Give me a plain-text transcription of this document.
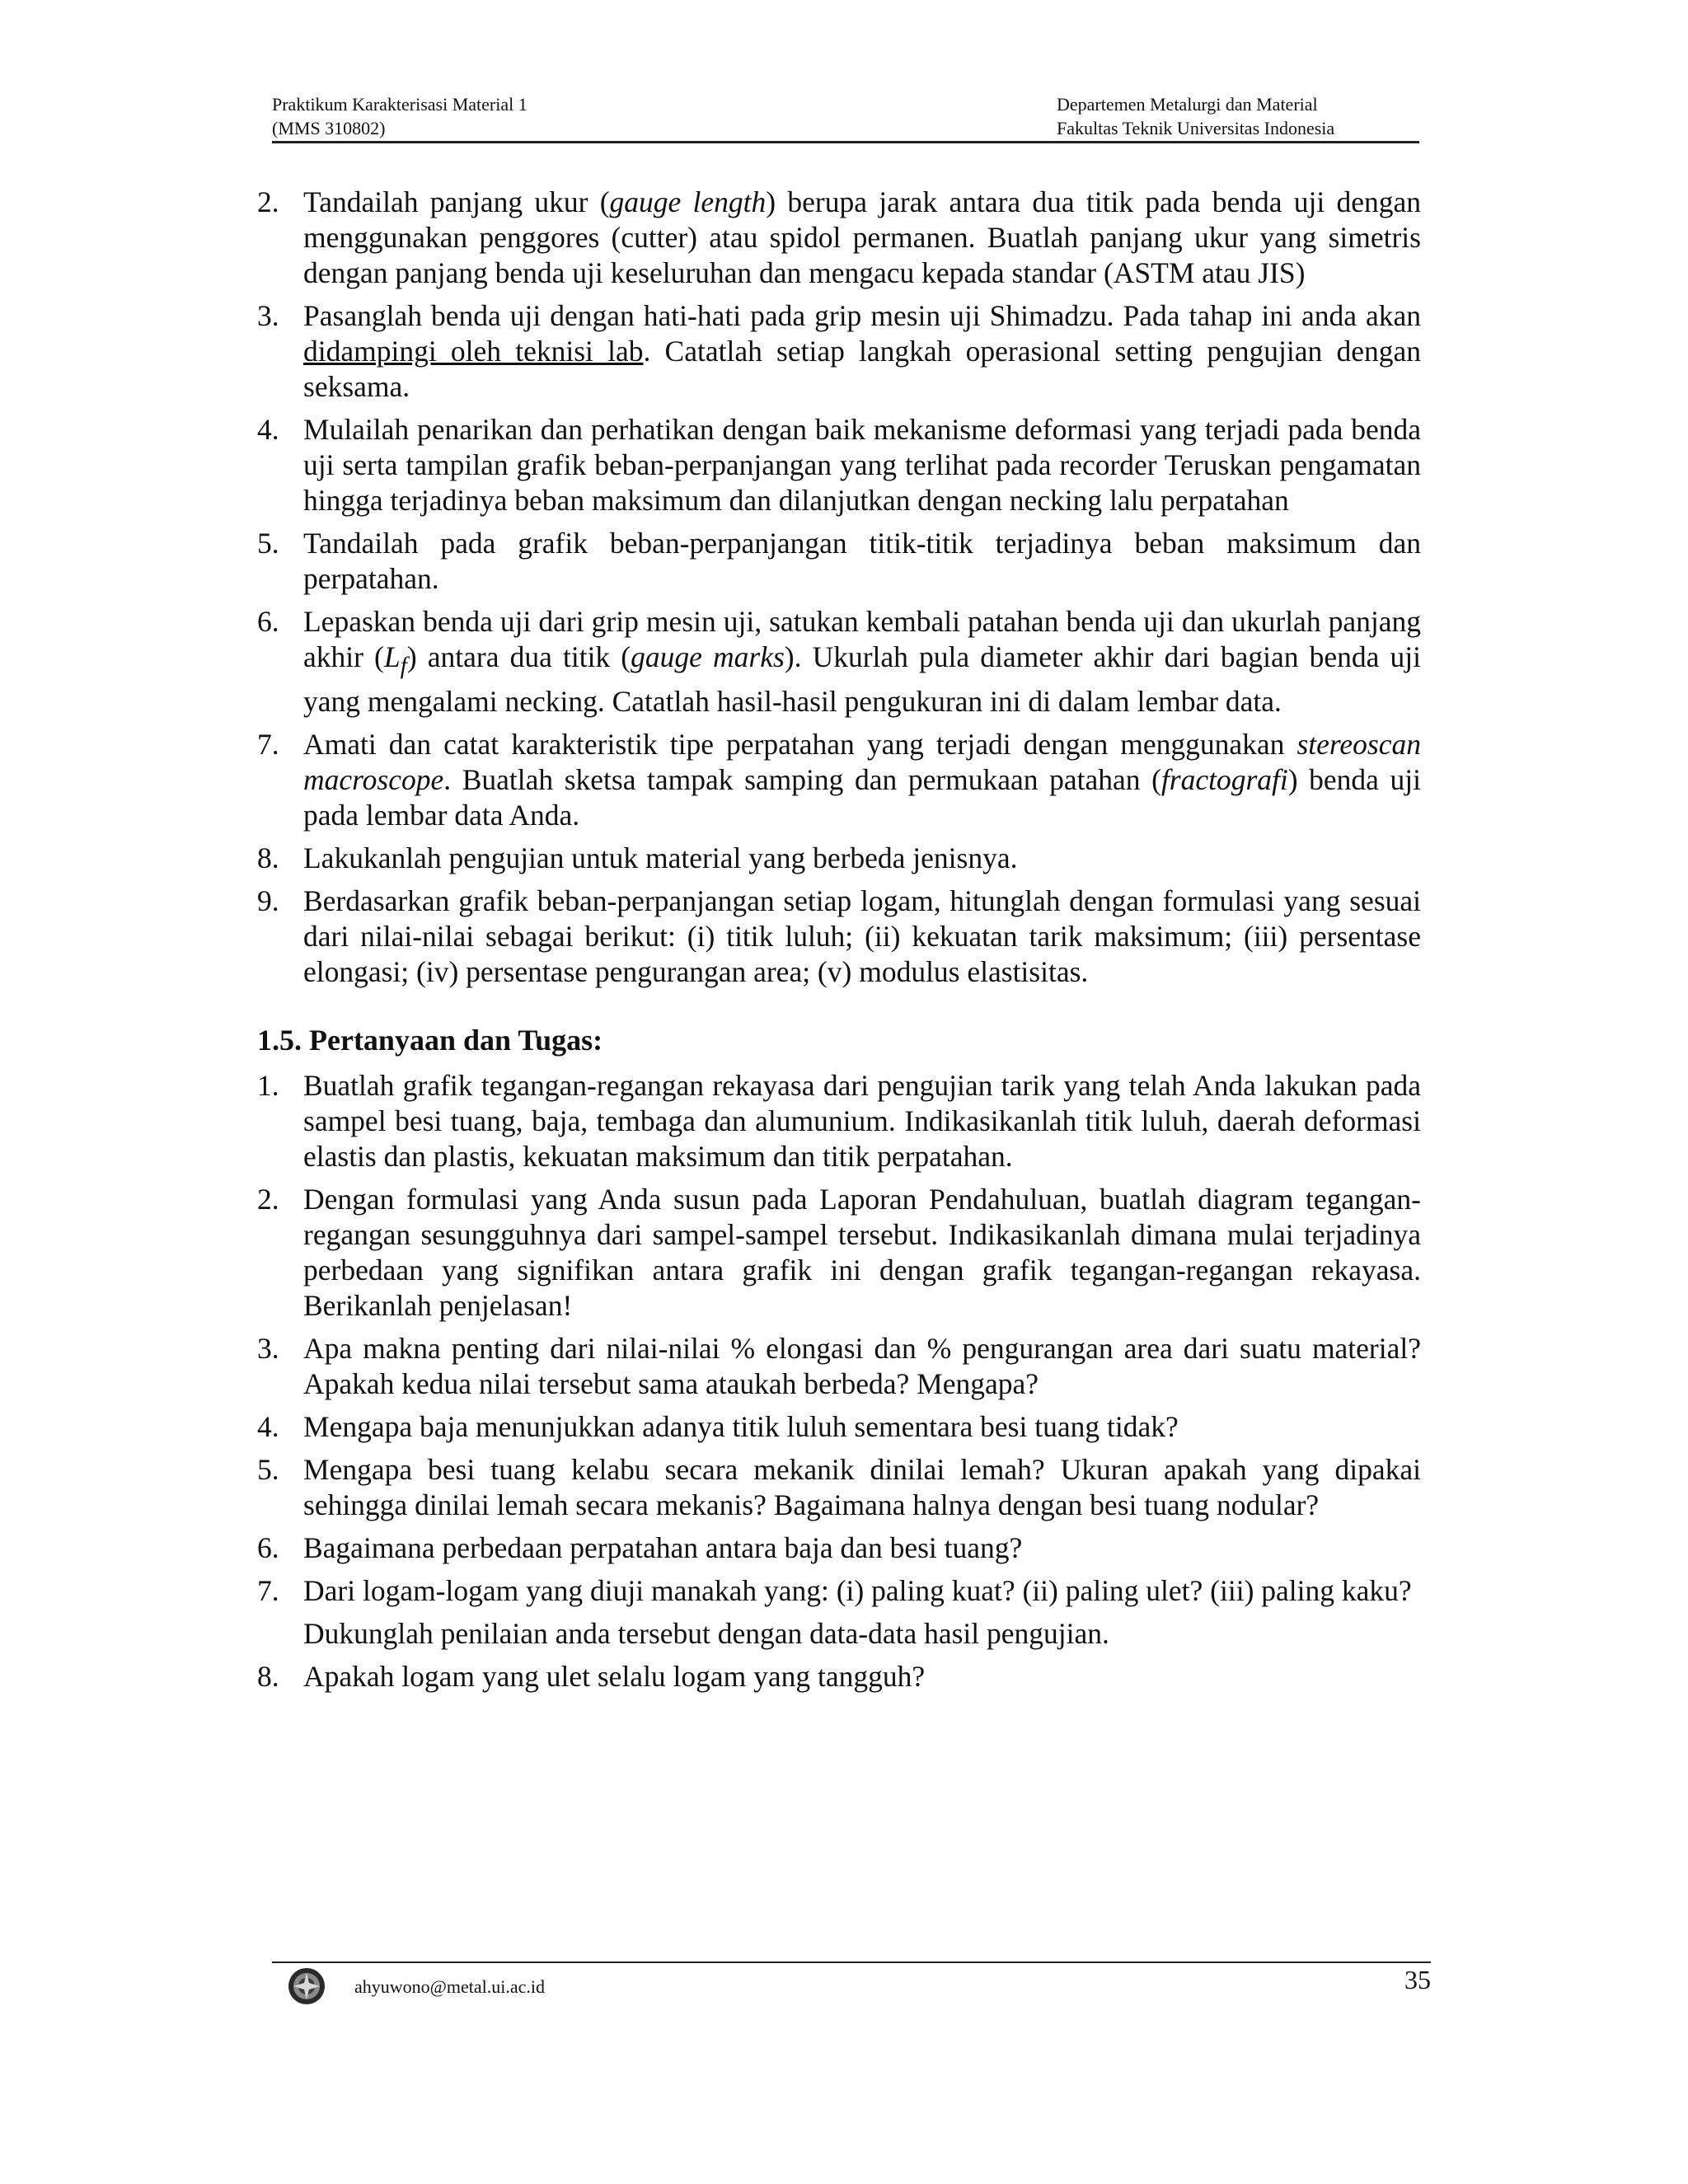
Praktikum Karakterisasi Material 1
(MMS 310802)
Departemen Metalurgi dan Material
Fakultas Teknik Universitas Indonesia
2. Tandailah panjang ukur (gauge length) berupa jarak antara dua titik pada benda uji dengan menggunakan penggores (cutter) atau spidol permanen. Buatlah panjang ukur yang simetris dengan panjang benda uji keseluruhan dan mengacu kepada standar (ASTM atau JIS)
3. Pasanglah benda uji dengan hati-hati pada grip mesin uji Shimadzu. Pada tahap ini anda akan didampingi oleh teknisi lab. Catatlah setiap langkah operasional setting pengujian dengan seksama.
4. Mulailah penarikan dan perhatikan dengan baik mekanisme deformasi yang terjadi pada benda uji serta tampilan grafik beban-perpanjangan yang terlihat pada recorder Teruskan pengamatan hingga terjadinya beban maksimum dan dilanjutkan dengan necking lalu perpatahan
5. Tandailah pada grafik beban-perpanjangan titik-titik terjadinya beban maksimum dan perpatahan.
6. Lepaskan benda uji dari grip mesin uji, satukan kembali patahan benda uji dan ukurlah panjang akhir $(L_f)$ antara dua titik (gauge marks). Ukurlah pula diameter akhir dari bagian benda uji yang mengalami necking. Catatlah hasil-hasil pengukuran ini di dalam lembar data.
7. Amati dan catat karakteristik tipe perpatahan yang terjadi dengan menggunakan stereoscan macroscope. Buatlah sketsa tampak samping dan permukaan patahan (fractografi) benda uji pada lembar data Anda.
8. Lakukanlah pengujian untuk material yang berbeda jenisnya.
9. Berdasarkan grafik beban-perpanjangan setiap logam, hitunglah dengan formulasi yang sesuai dari nilai-nilai sebagai berikut: (i) titik luluh; (ii) kekuatan tarik maksimum; (iii) persentase elongasi; (iv) persentase pengurangan area; (v) modulus elastisitas.
1.5. Pertanyaan dan Tugas:
1. Buatlah grafik tegangan-regangan rekayasa dari pengujian tarik yang telah Anda lakukan pada sampel besi tuang, baja, tembaga dan alumunium. Indikasikanlah titik luluh, daerah deformasi elastis dan plastis, kekuatan maksimum dan titik perpatahan.
2. Dengan formulasi yang Anda susun pada Laporan Pendahuluan, buatlah diagram tegangan-regangan sesungguhnya dari sampel-sampel tersebut. Indikasikanlah dimana mulai terjadinya perbedaan yang signifikan antara grafik ini dengan grafik tegangan-regangan rekayasa. Berikanlah penjelasan!
3. Apa makna penting dari nilai-nilai % elongasi dan % pengurangan area dari suatu material? Apakah kedua nilai tersebut sama ataukah berbeda? Mengapa?
4. Mengapa baja menunjukkan adanya titik luluh sementara besi tuang tidak?
5. Mengapa besi tuang kelabu secara mekanik dinilai lemah? Ukuran apakah yang dipakai sehingga dinilai lemah secara mekanis? Bagaimana halnya dengan besi tuang nodular?
6. Bagaimana perbedaan perpatahan antara baja dan besi tuang?
7. Dari logam-logam yang diuji manakah yang: (i) paling kuat? (ii) paling ulet? (iii) paling kaku?

Dukunglah penilaian anda tersebut dengan data-data hasil pengujian.

8. Apakah logam yang ulet selalu logam yang tangguh?
ahyuwono@metal.ui.ac.id	35
